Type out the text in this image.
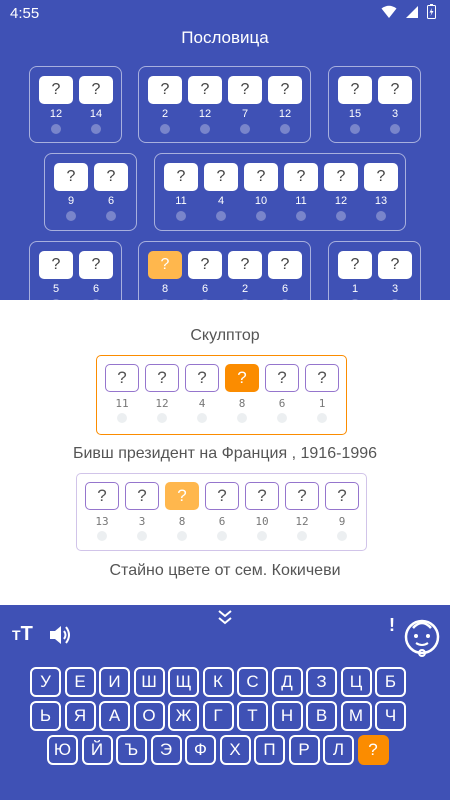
Пословица
?
12
?
14
?
2
?
12
?
7
?
12
?
15
?
3
?
9
?
6
?
11
?
4
?
10
?
11
?
12
?
13
?
5
?
6
?
8
?
6
?
2
?
6
?
1
?
3
4:55
Скулптор
?
11
?
12
?
4
?
8
?
6
?
1
Бивш президент на Франция , 1916-1996
?
13
?
3
?
8
?
6
?
10
?
12
?
9
Стайно цвете от сем. Кокичеви
TT	!
У	Е	И	Ш	Щ	К	С	Д	З	Ц	Б
Ь	Я	А	О	Ж	Г	Т	Н	В	М	Ч
Ю	Й	Ъ	Э	Ф	Х	П	Р	Л	?
